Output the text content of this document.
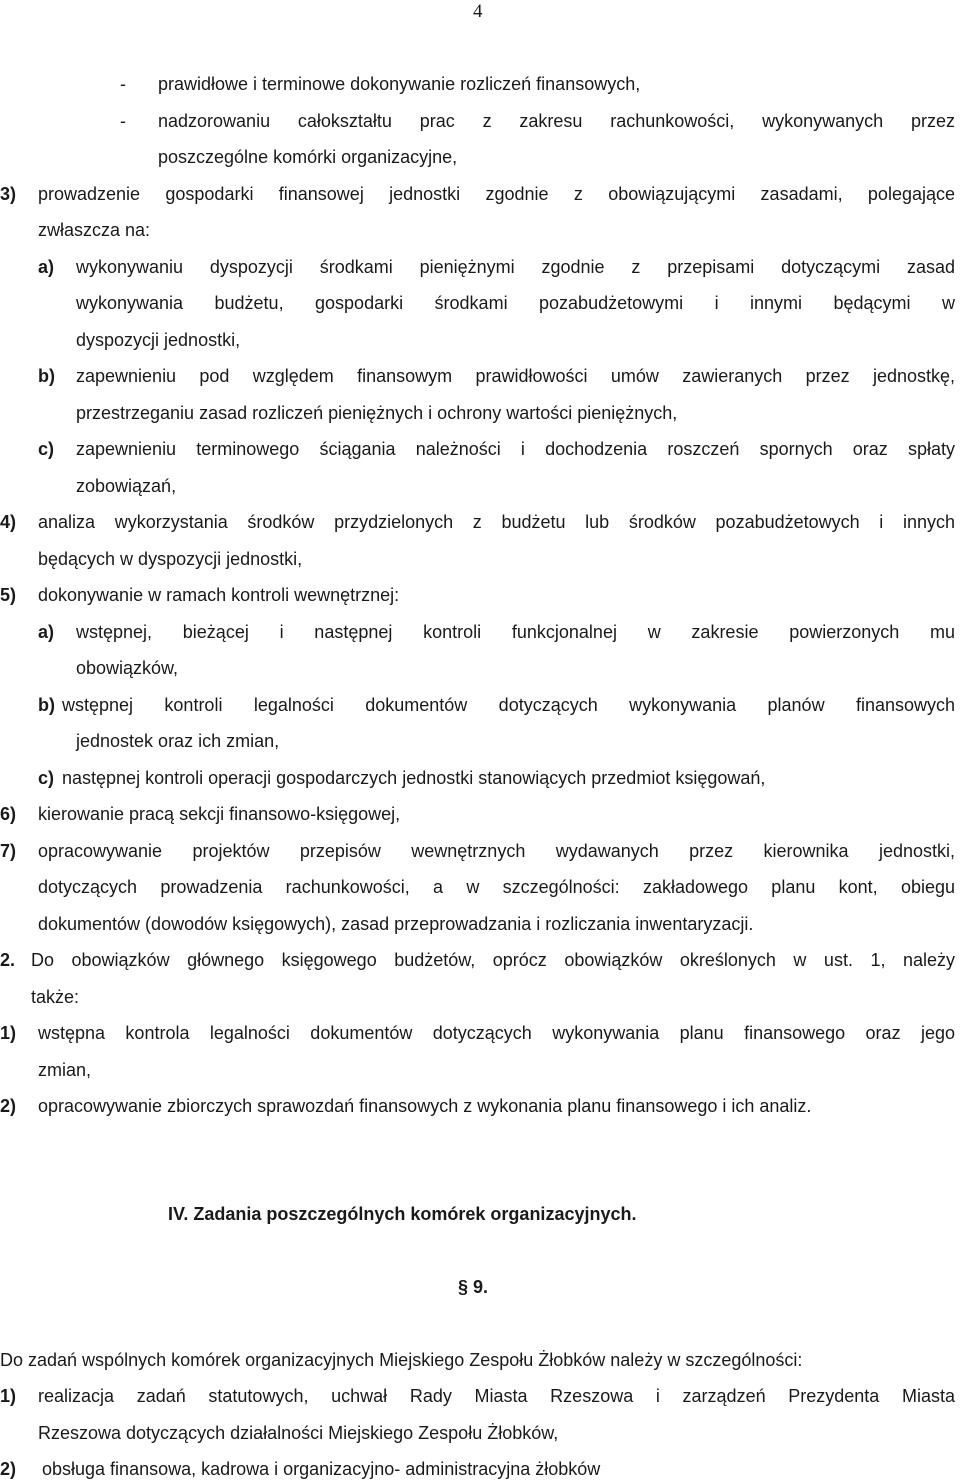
4
- prawidłowe i terminowe dokonywanie rozliczeń finansowych,
- nadzorowaniu całokształtu prac z zakresu rachunkowości, wykonywanych przez
poszczególne komórki organizacyjne,
3) prowadzenie gospodarki finansowej jednostki zgodnie z obowiązującymi zasadami, polegające
zwłaszcza na:
a) wykonywaniu dyspozycji środkami pieniężnymi zgodnie z przepisami dotyczącymi zasad
wykonywania budżetu, gospodarki środkami pozabudżetowymi i innymi będącymi w
dyspozycji jednostki,
b) zapewnieniu pod względem finansowym prawidłowości umów zawieranych przez jednostkę,
przestrzeganiu zasad rozliczeń pieniężnych i ochrony wartości pieniężnych,
c) zapewnieniu terminowego ściągania należności i dochodzenia roszczeń spornych oraz spłaty
zobowiązań,
4) analiza wykorzystania środków przydzielonych z budżetu lub środków pozabudżetowych i innych
będących w dyspozycji jednostki,
5) dokonywanie w ramach kontroli wewnętrznej:
a) wstępnej, bieżącej i następnej kontroli funkcjonalnej w zakresie powierzonych mu
obowiązków,
b) wstępnej kontroli legalności dokumentów dotyczących wykonywania planów finansowych
jednostek oraz ich zmian,
c) następnej kontroli operacji gospodarczych jednostki stanowiących przedmiot księgowań,
6) kierowanie pracą sekcji finansowo-księgowej,
7) opracowywanie projektów przepisów wewnętrznych wydawanych przez kierownika jednostki,
dotyczących prowadzenia rachunkowości, a w szczególności: zakładowego planu kont, obiegu
dokumentów (dowodów księgowych), zasad przeprowadzania i rozliczania inwentaryzacji.
2. Do obowiązków głównego księgowego budżetów, oprócz obowiązków określonych w ust. 1, należy
także:
1) wstępna kontrola legalności dokumentów dotyczących wykonywania planu finansowego oraz jego
zmian,
2) opracowywanie zbiorczych sprawozdań finansowych z wykonania planu finansowego i ich analiz.
IV. Zadania poszczególnych komórek organizacyjnych.
§ 9.
Do zadań wspólnych komórek organizacyjnych Miejskiego Zespołu Żłobków należy w szczególności:
1) realizacja zadań statutowych, uchwał Rady Miasta Rzeszowa i zarządzeń Prezydenta Miasta
Rzeszowa dotyczących działalności Miejskiego Zespołu Żłobków,
2) obsługa finansowa, kadrowa i organizacyjno- administracyjna żłobków
